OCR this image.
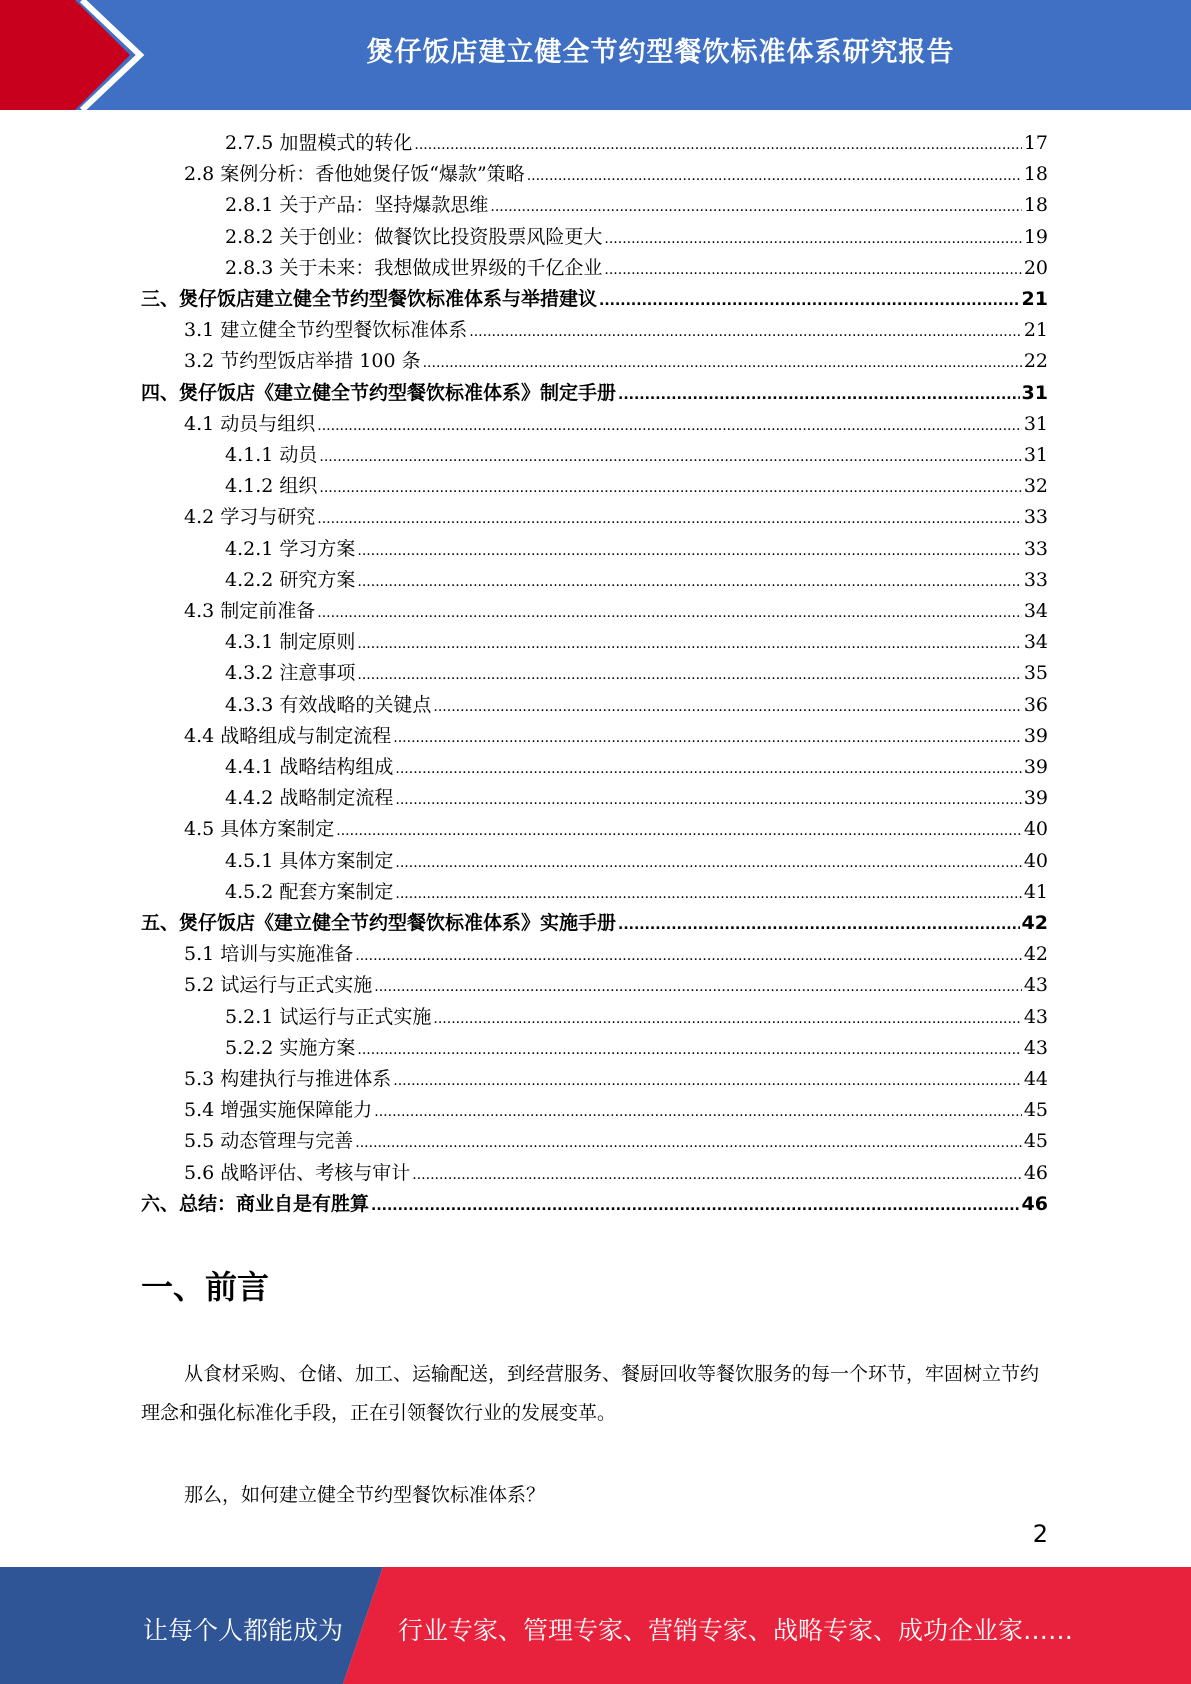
煲仔饭店建立健全节约型餐饮标准体系研究报告
2.7.5 加盟模式的转化 .....	17
2.8 案例分析：香他她煲仔饭“爆款”策略 .....	18
2.8.1 关于产品：坚持爆款思维 .....	18
2.8.2 关于创业：做餐饮比投资股票风险更大 .....	19
2.8.3 关于未来：我想做成世界级的千亿企业 .....	20
三、煲仔饭店建立健全节约型餐饮标准体系与举措建议 .....	21
3.1 建立健全节约型餐饮标准体系 .....	21
3.2 节约型饭店举措 100 条 .....	22
四、煲仔饭店《建立健全节约型餐饮标准体系》制定手册 .....	31
4.1 动员与组织 .....	31
4.1.1 动员 .....	31
4.1.2 组织 .....	32
4.2 学习与研究 .....	33
4.2.1 学习方案 .....	33
4.2.2 研究方案 .....	33
4.3 制定前准备 .....	34
4.3.1 制定原则 .....	34
4.3.2 注意事项 .....	35
4.3.3 有效战略的关键点 .....	36
4.4 战略组成与制定流程 .....	39
4.4.1 战略结构组成 .....	39
4.4.2 战略制定流程 .....	39
4.5 具体方案制定 .....	40
4.5.1 具体方案制定 .....	40
4.5.2 配套方案制定 .....	41
五、煲仔饭店《建立健全节约型餐饮标准体系》实施手册 .....	42
5.1 培训与实施准备 .....	42
5.2 试运行与正式实施 .....	43
5.2.1 试运行与正式实施 .....	43
5.2.2 实施方案 .....	43
5.3 构建执行与推进体系 .....	44
5.4 增强实施保障能力 .....	45
5.5 动态管理与完善 .....	45
5.6 战略评估、考核与审计 .....	46
六、总结：商业自是有胜算 .....	46
一、前言
从食材采购、仓储、加工、运输配送，到经营服务、餐厨回收等餐饮服务的每一个环节，牢固树立节约理念和强化标准化手段，正在引领餐饮行业的发展变革。
那么，如何建立健全节约型餐饮标准体系？
2
让每个人都能成为 行业专家、管理专家、营销专家、战略专家、成功企业家……
